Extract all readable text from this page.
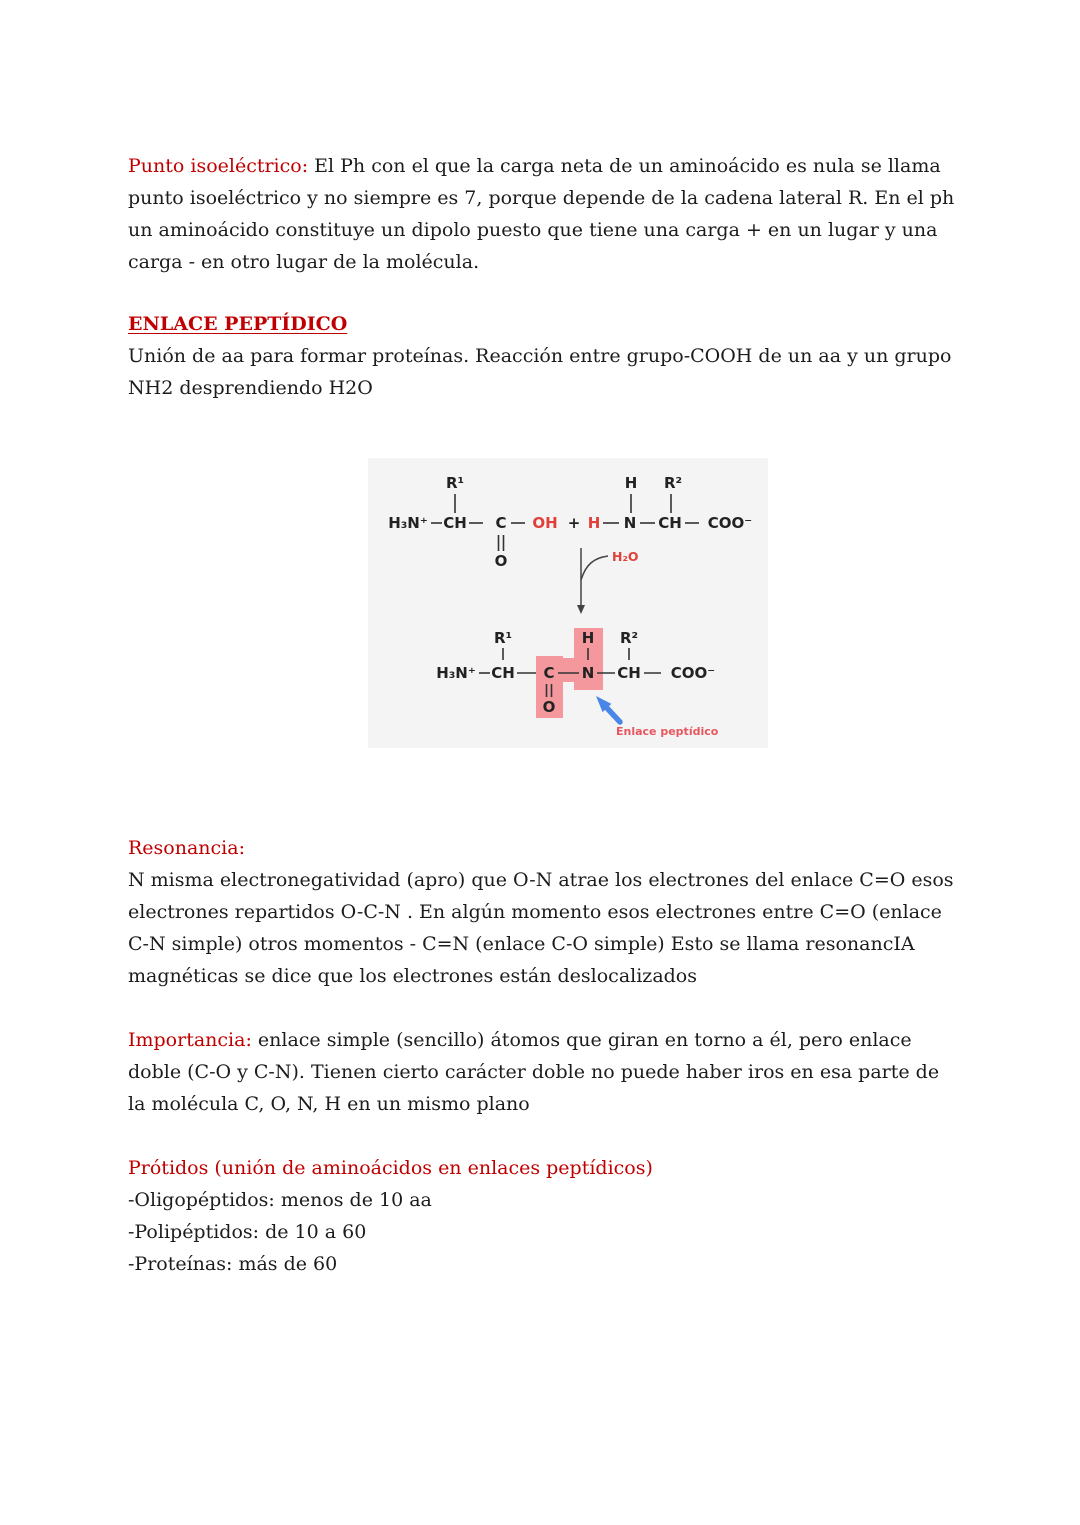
Punto isoeléctrico: El Ph con el que la carga neta de un aminoácido es nula se llama punto isoeléctrico y no siempre es 7, porque depende de la cadena lateral R. En el ph un aminoácido constituye un dipolo puesto que tiene una carga + en un lugar y una carga - en otro lugar de la molécula.

ENLACE PEPTÍDICO

Unión de aa para formar proteínas. Reacción entre grupo-COOH de un aa y un grupo NH2 desprendiendo H2O

R¹	H R²
H₃N⁺ CH C OH + H N CH COO⁻
O	H₂O
R¹	H R²
H₃N⁺ CH C N CH COO⁻
O
Enlace peptídico

Resonancia:

N misma electronegatividad (apro) que O-N atrae los electrones del enlace C=O esos electrones repartidos O-C-N . En algún momento esos electrones entre C=O (enlace C-N simple) otros momentos - C=N (enlace C-O simple) Esto se llama resonancIA magnéticas se dice que los electrones están deslocalizados

Importancia: enlace simple (sencillo) átomos que giran en torno a él, pero enlace doble (C-O y C-N). Tienen cierto carácter doble no puede haber iros en esa parte de la molécula C, O, N, H en un mismo plano

Prótidos (unión de aminoácidos en enlaces peptídicos)

-Oligopéptidos: menos de 10 aa

-Polipéptidos: de 10 a 60

-Proteínas: más de 60
